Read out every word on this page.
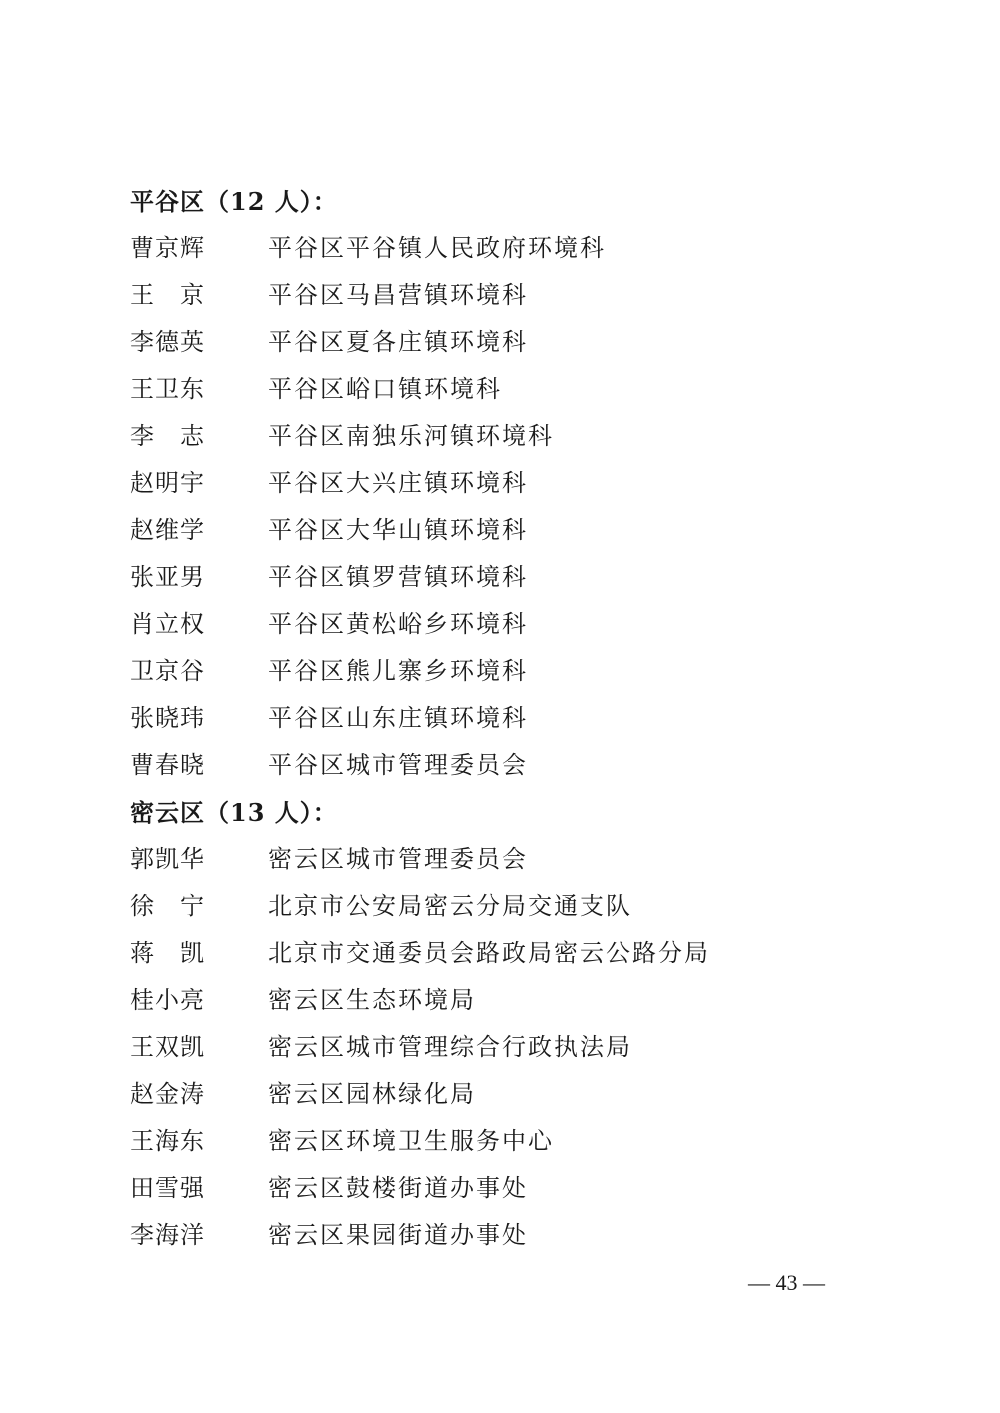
平谷区（12 人）：
曹京辉	平谷区平谷镇人民政府环境科
王　京	平谷区马昌营镇环境科
李德英	平谷区夏各庄镇环境科
王卫东	平谷区峪口镇环境科
李　志	平谷区南独乐河镇环境科
赵明宇	平谷区大兴庄镇环境科
赵维学	平谷区大华山镇环境科
张亚男	平谷区镇罗营镇环境科
肖立权	平谷区黄松峪乡环境科
卫京谷	平谷区熊儿寨乡环境科
张晓玮	平谷区山东庄镇环境科
曹春晓	平谷区城市管理委员会
密云区（13 人）：
郭凯华	密云区城市管理委员会
徐　宁	北京市公安局密云分局交通支队
蒋　凯	北京市交通委员会路政局密云公路分局
桂小亮	密云区生态环境局
王双凯	密云区城市管理综合行政执法局
赵金涛	密云区园林绿化局
王海东	密云区环境卫生服务中心
田雪强	密云区鼓楼街道办事处
李海洋	密云区果园街道办事处
— 43 —
